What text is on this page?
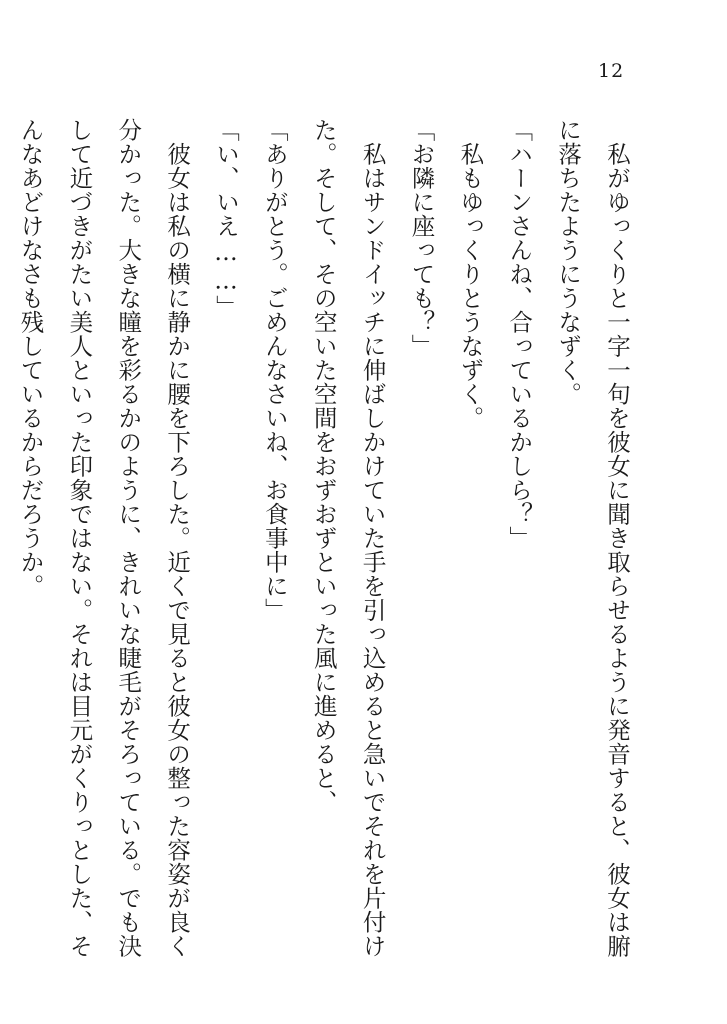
12

私がゆっくりと一字一句を彼女に聞き取らせるように発音すると、彼女は腑に落ちたようにうなずく。

「ハーンさんね、合っているかしら？」

私もゆっくりとうなずく。

「お隣に座っても？」

私はサンドイッチに伸ばしかけていた手を引っ込めると急いでそれを片付けた。そして、その空いた空間をおずおずといった風に進めると、

「ありがとう。ごめんなさいね、お食事中に」

「い、いえ……」

彼女は私の横に静かに腰を下ろした。近くで見ると彼女の整った容姿が良く分かった。大きな瞳を彩るかのように、きれいな睫毛がそろっている。でも決して近づきがたい美人といった印象ではない。それは目元がくりっとした、そんなあどけなさも残しているからだろうか。
